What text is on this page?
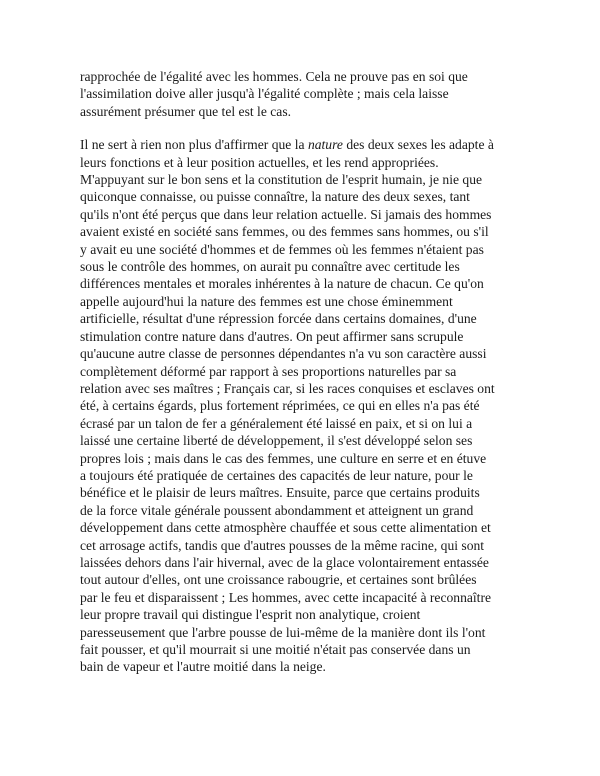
rapprochée de l'égalité avec les hommes. Cela ne prouve pas en soi que
l'assimilation doive aller jusqu'à l'égalité complète ; mais cela laisse
assurément présumer que tel est le cas.

Il ne sert à rien non plus d'affirmer que la nature des deux sexes les adapte à
leurs fonctions et à leur position actuelles, et les rend appropriées.
M'appuyant sur le bon sens et la constitution de l'esprit humain, je nie que
quiconque connaisse, ou puisse connaître, la nature des deux sexes, tant
qu'ils n'ont été perçus que dans leur relation actuelle. Si jamais des hommes
avaient existé en société sans femmes, ou des femmes sans hommes, ou s'il
y avait eu une société d'hommes et de femmes où les femmes n'étaient pas
sous le contrôle des hommes, on aurait pu connaître avec certitude les
différences mentales et morales inhérentes à la nature de chacun. Ce qu'on
appelle aujourd'hui la nature des femmes est une chose éminemment
artificielle, résultat d'une répression forcée dans certains domaines, d'une
stimulation contre nature dans d'autres. On peut affirmer sans scrupule
qu'aucune autre classe de personnes dépendantes n'a vu son caractère aussi
complètement déformé par rapport à ses proportions naturelles par sa
relation avec ses maîtres ; Français car, si les races conquises et esclaves ont
été, à certains égards, plus fortement réprimées, ce qui en elles n'a pas été
écrasé par un talon de fer a généralement été laissé en paix, et si on lui a
laissé une certaine liberté de développement, il s'est développé selon ses
propres lois ; mais dans le cas des femmes, une culture en serre et en étuve
a toujours été pratiquée de certaines des capacités de leur nature, pour le
bénéfice et le plaisir de leurs maîtres. Ensuite, parce que certains produits
de la force vitale générale poussent abondamment et atteignent un grand
développement dans cette atmosphère chauffée et sous cette alimentation et
cet arrosage actifs, tandis que d'autres pousses de la même racine, qui sont
laissées dehors dans l'air hivernal, avec de la glace volontairement entassée
tout autour d'elles, ont une croissance rabougrie, et certaines sont brûlées
par le feu et disparaissent ; Les hommes, avec cette incapacité à reconnaître
leur propre travail qui distingue l'esprit non analytique, croient
paresseusement que l'arbre pousse de lui-même de la manière dont ils l'ont
fait pousser, et qu'il mourrait si une moitié n'était pas conservée dans un
bain de vapeur et l'autre moitié dans la neige.
